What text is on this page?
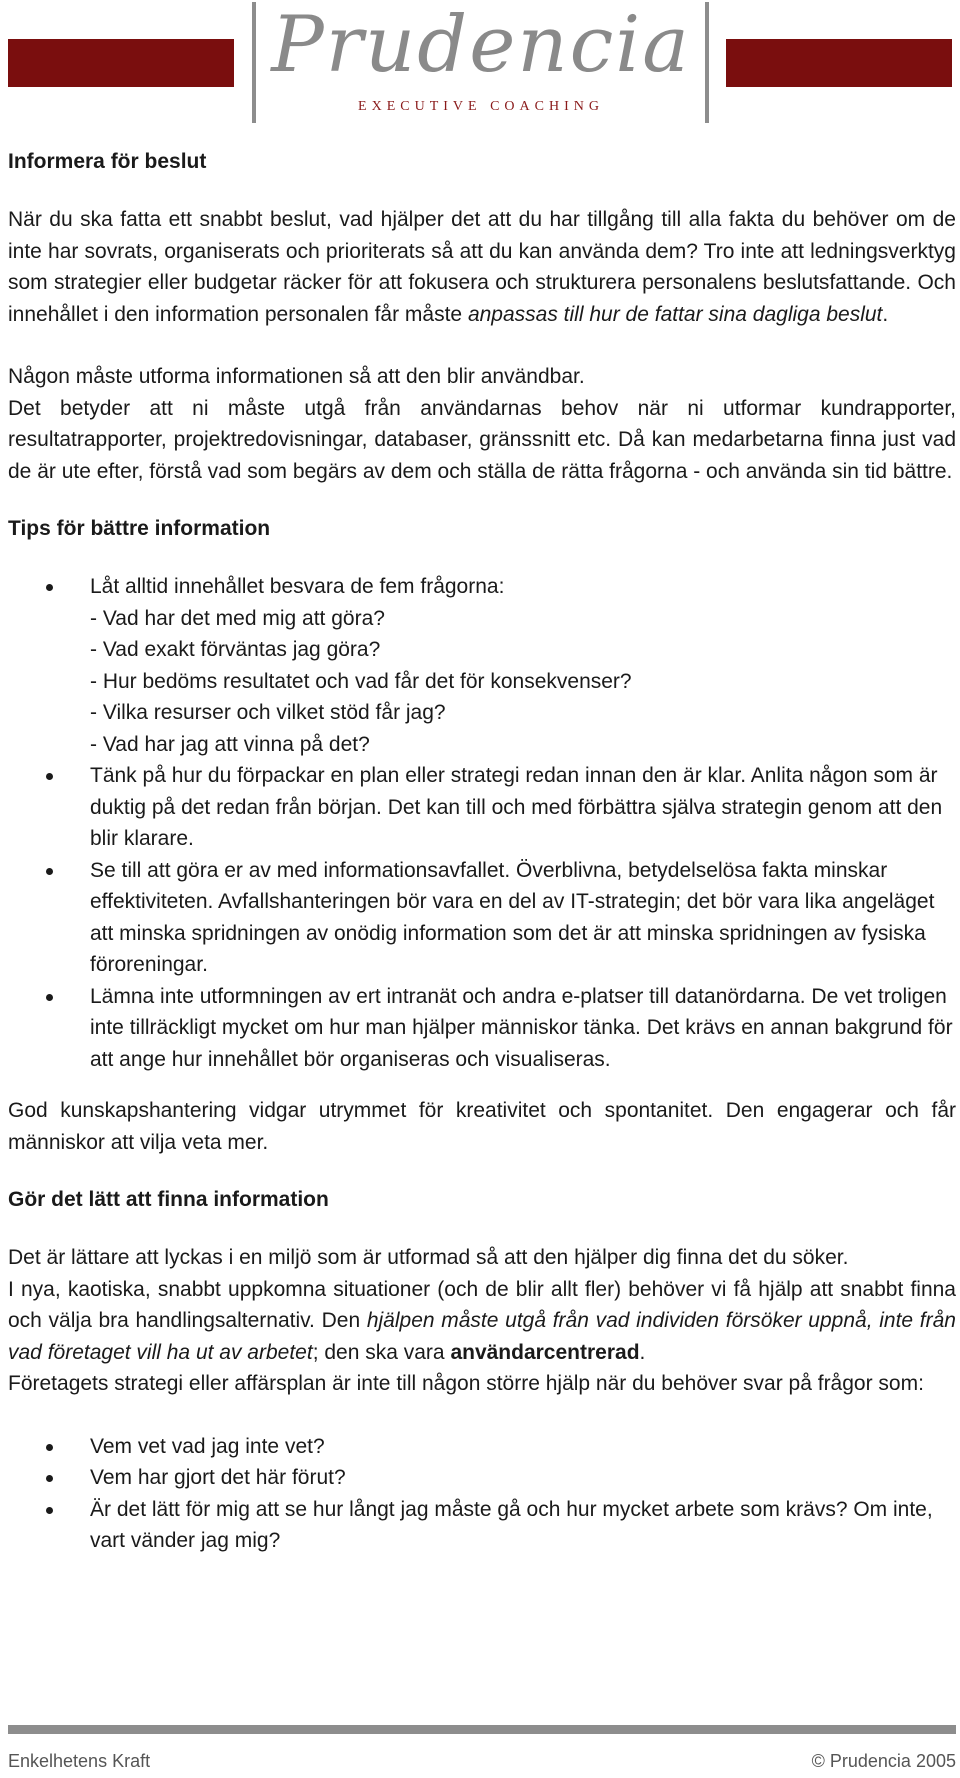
Prudencia
EXECUTIVE COACHING
Informera för beslut

När du ska fatta ett snabbt beslut, vad hjälper det att du har tillgång till alla fakta du behöver om de inte har sovrats, organiserats och prioriterats så att du kan använda dem? Tro inte att ledningsverktyg som strategier eller budgetar räcker för att fokusera och strukturera personalens beslutsfattande. Och innehållet i den information personalen får måste anpassas till hur de fattar sina dagliga beslut.

Någon måste utforma informationen så att den blir användbar.

Det betyder att ni måste utgå från användarnas behov när ni utformar kundrapporter, resultatrapporter, projektredovisningar, databaser, gränssnitt etc. Då kan medarbetarna finna just vad de är ute efter, förstå vad som begärs av dem och ställa de rätta frågorna - och använda sin tid bättre.

Tips för bättre information
Låt alltid innehållet besvara de fem frågorna:
- Vad har det med mig att göra?
- Vad exakt förväntas jag göra?
- Hur bedöms resultatet och vad får det för konsekvenser?
- Vilka resurser och vilket stöd får jag?
- Vad har jag att vinna på det?
Tänk på hur du förpackar en plan eller strategi redan innan den är klar. Anlita någon som är duktig på det redan från början. Det kan till och med förbättra själva strategin genom att den blir klarare.
Se till att göra er av med informationsavfallet. Överblivna, betydelselösa fakta minskar effektiviteten. Avfallshanteringen bör vara en del av IT-strategin; det bör vara lika angeläget att minska spridningen av onödig information som det är att minska spridningen av fysiska föroreningar.
Lämna inte utformningen av ert intranät och andra e-platser till datanördarna. De vet troligen inte tillräckligt mycket om hur man hjälper människor tänka. Det krävs en annan bakgrund för att ange hur innehållet bör organiseras och visualiseras.

God kunskapshantering vidgar utrymmet för kreativitet och spontanitet. Den engagerar och får människor att vilja veta mer.

Gör det lätt att finna information

Det är lättare att lyckas i en miljö som är utformad så att den hjälper dig finna det du söker.

I nya, kaotiska, snabbt uppkomna situationer (och de blir allt fler) behöver vi få hjälp att snabbt finna och välja bra handlingsalternativ. Den hjälpen måste utgå från vad individen försöker uppnå, inte från vad företaget vill ha ut av arbetet; den ska vara användarcentrerad.

Företagets strategi eller affärsplan är inte till någon större hjälp när du behöver svar på frågor som:

Vem vet vad jag inte vet?
Vem har gjort det här förut?
Är det lätt för mig att se hur långt jag måste gå och hur mycket arbete som krävs? Om inte, vart vänder jag mig?
Enkelhetens Kraft	© Prudencia 2005
